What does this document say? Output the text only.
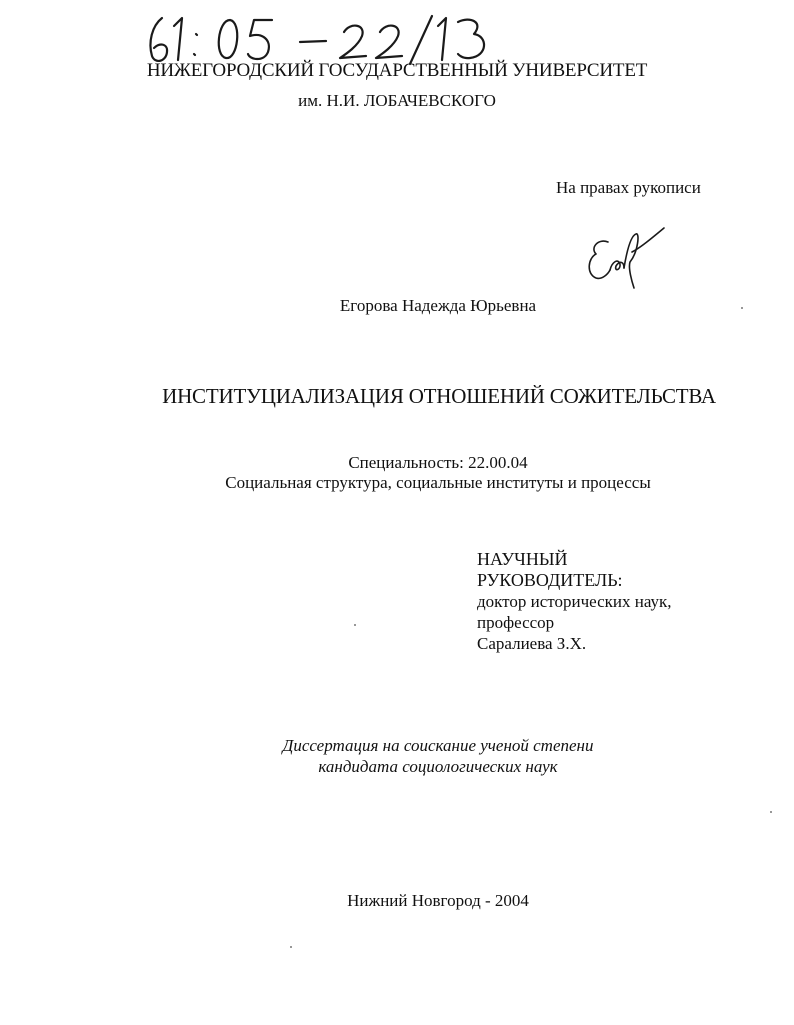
НИЖЕГОРОДСКИЙ ГОСУДАРСТВЕННЫЙ УНИВЕРСИТЕТ
им. Н.И. ЛОБАЧЕВСКОГО
На правах рукописи
Егорова Надежда Юрьевна
ИНСТИТУЦИАЛИЗАЦИЯ ОТНОШЕНИЙ СОЖИТЕЛЬСТВА
Специальность: 22.00.04
Социальная структура, социальные институты и процессы
НАУЧНЫЙ
РУКОВОДИТЕЛЬ:
доктор исторических наук,
профессор
Саралиева З.Х.
Диссертация на соискание ученой степени
кандидата социологических наук
Нижний Новгород - 2004
